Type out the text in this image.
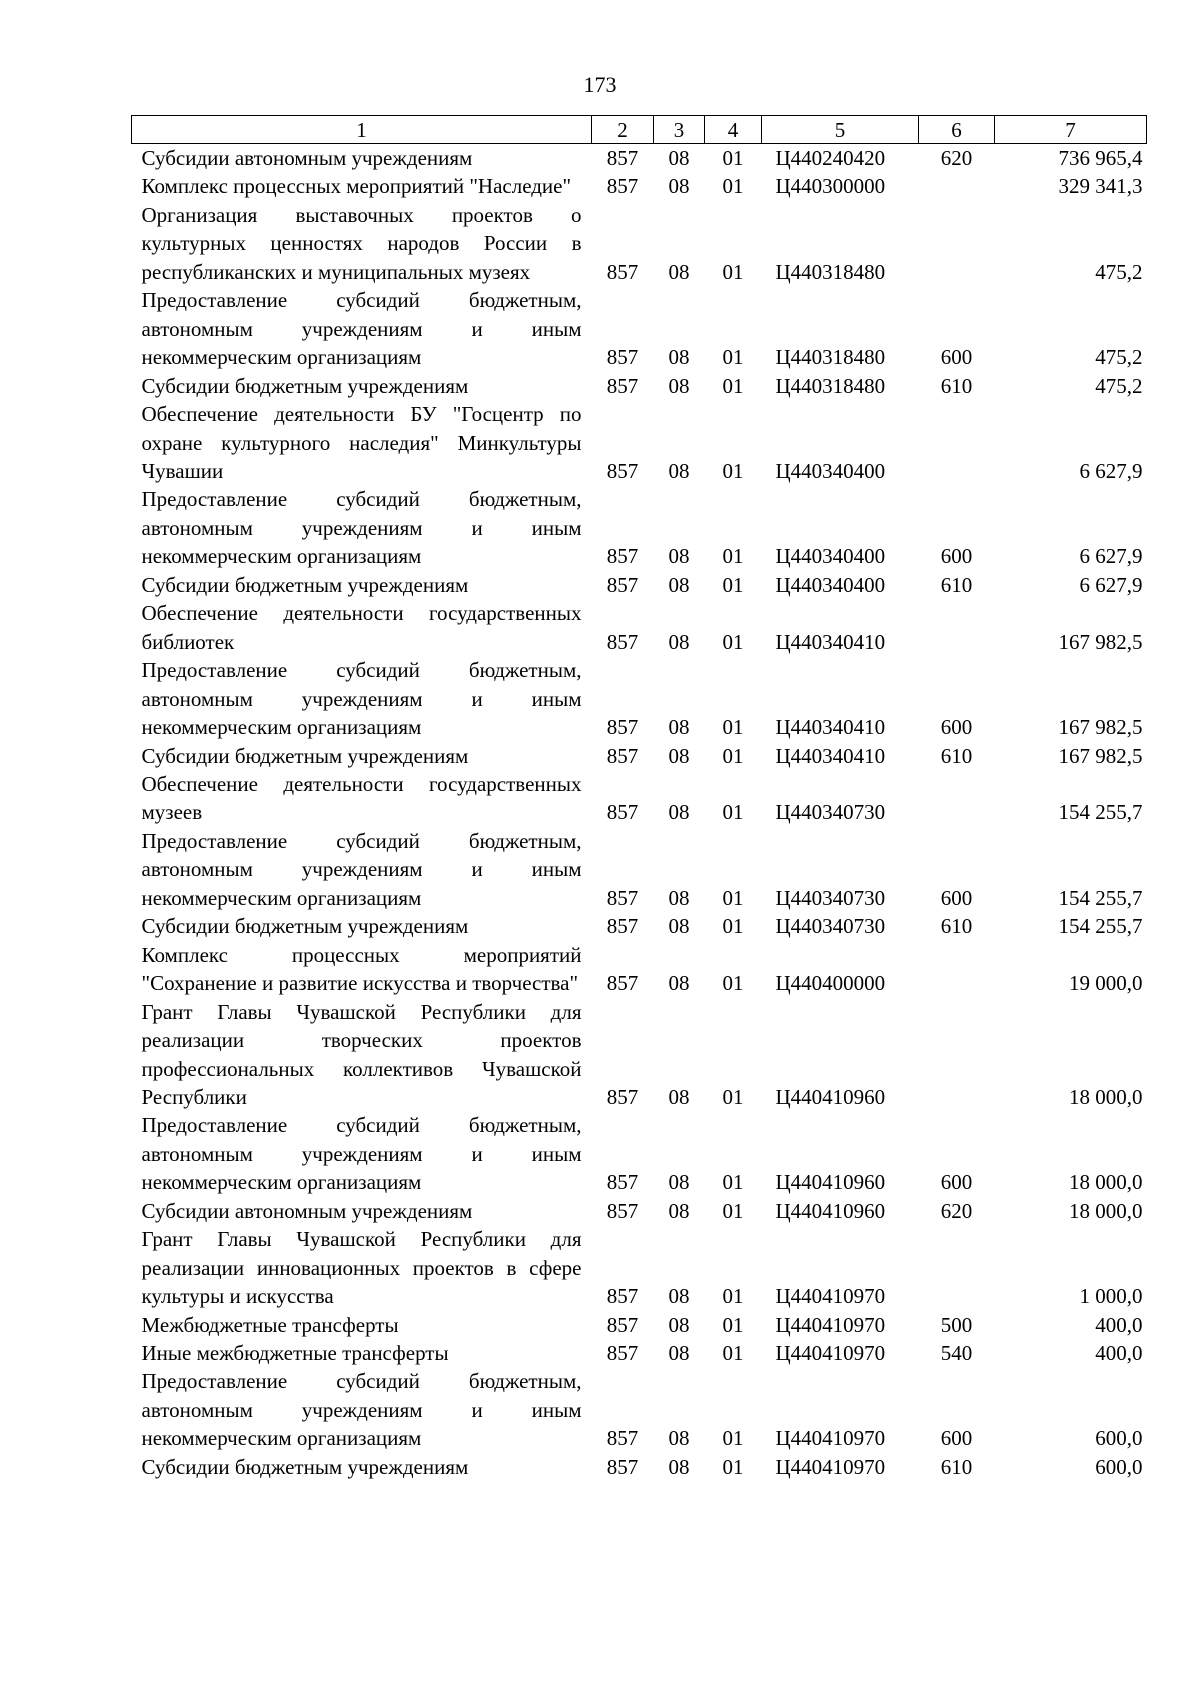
173
1	2	3	4	5	6	7
Субсидии автономным учреждениям	857	08	01	Ц440240420	620	736 965,4
Комплекс процессных мероприятий "Наследие"	857	08	01	Ц440300000		329 341,3
Организация выставочных проектов о культурных ценностях народов России в республиканских и муниципальных музеях	857	08	01	Ц440318480		475,2
Предоставление субсидий бюджетным, автономным учреждениям и иным некоммерческим организациям	857	08	01	Ц440318480	600	475,2
Субсидии бюджетным учреждениям	857	08	01	Ц440318480	610	475,2
Обеспечение деятельности БУ "Госцентр по охране культурного наследия" Минкультуры Чувашии	857	08	01	Ц440340400		6 627,9
Предоставление субсидий бюджетным, автономным учреждениям и иным некоммерческим организациям	857	08	01	Ц440340400	600	6 627,9
Субсидии бюджетным учреждениям	857	08	01	Ц440340400	610	6 627,9
Обеспечение деятельности государственных библиотек	857	08	01	Ц440340410		167 982,5
Предоставление субсидий бюджетным, автономным учреждениям и иным некоммерческим организациям	857	08	01	Ц440340410	600	167 982,5
Субсидии бюджетным учреждениям	857	08	01	Ц440340410	610	167 982,5
Обеспечение деятельности государственных музеев	857	08	01	Ц440340730		154 255,7
Предоставление субсидий бюджетным, автономным учреждениям и иным некоммерческим организациям	857	08	01	Ц440340730	600	154 255,7
Субсидии бюджетным учреждениям	857	08	01	Ц440340730	610	154 255,7
Комплекс процессных мероприятий "Сохранение и развитие искусства и творчества"	857	08	01	Ц440400000		19 000,0
Грант Главы Чувашской Республики для реализации творческих проектов профессиональных коллективов Чувашской Республики	857	08	01	Ц440410960		18 000,0
Предоставление субсидий бюджетным, автономным учреждениям и иным некоммерческим организациям	857	08	01	Ц440410960	600	18 000,0
Субсидии автономным учреждениям	857	08	01	Ц440410960	620	18 000,0
Грант Главы Чувашской Республики для реализации инновационных проектов в сфере культуры и искусства	857	08	01	Ц440410970		1 000,0
Межбюджетные трансферты	857	08	01	Ц440410970	500	400,0
Иные межбюджетные трансферты	857	08	01	Ц440410970	540	400,0
Предоставление субсидий бюджетным, автономным учреждениям и иным некоммерческим организациям	857	08	01	Ц440410970	600	600,0
Субсидии бюджетным учреждениям	857	08	01	Ц440410970	610	600,0
